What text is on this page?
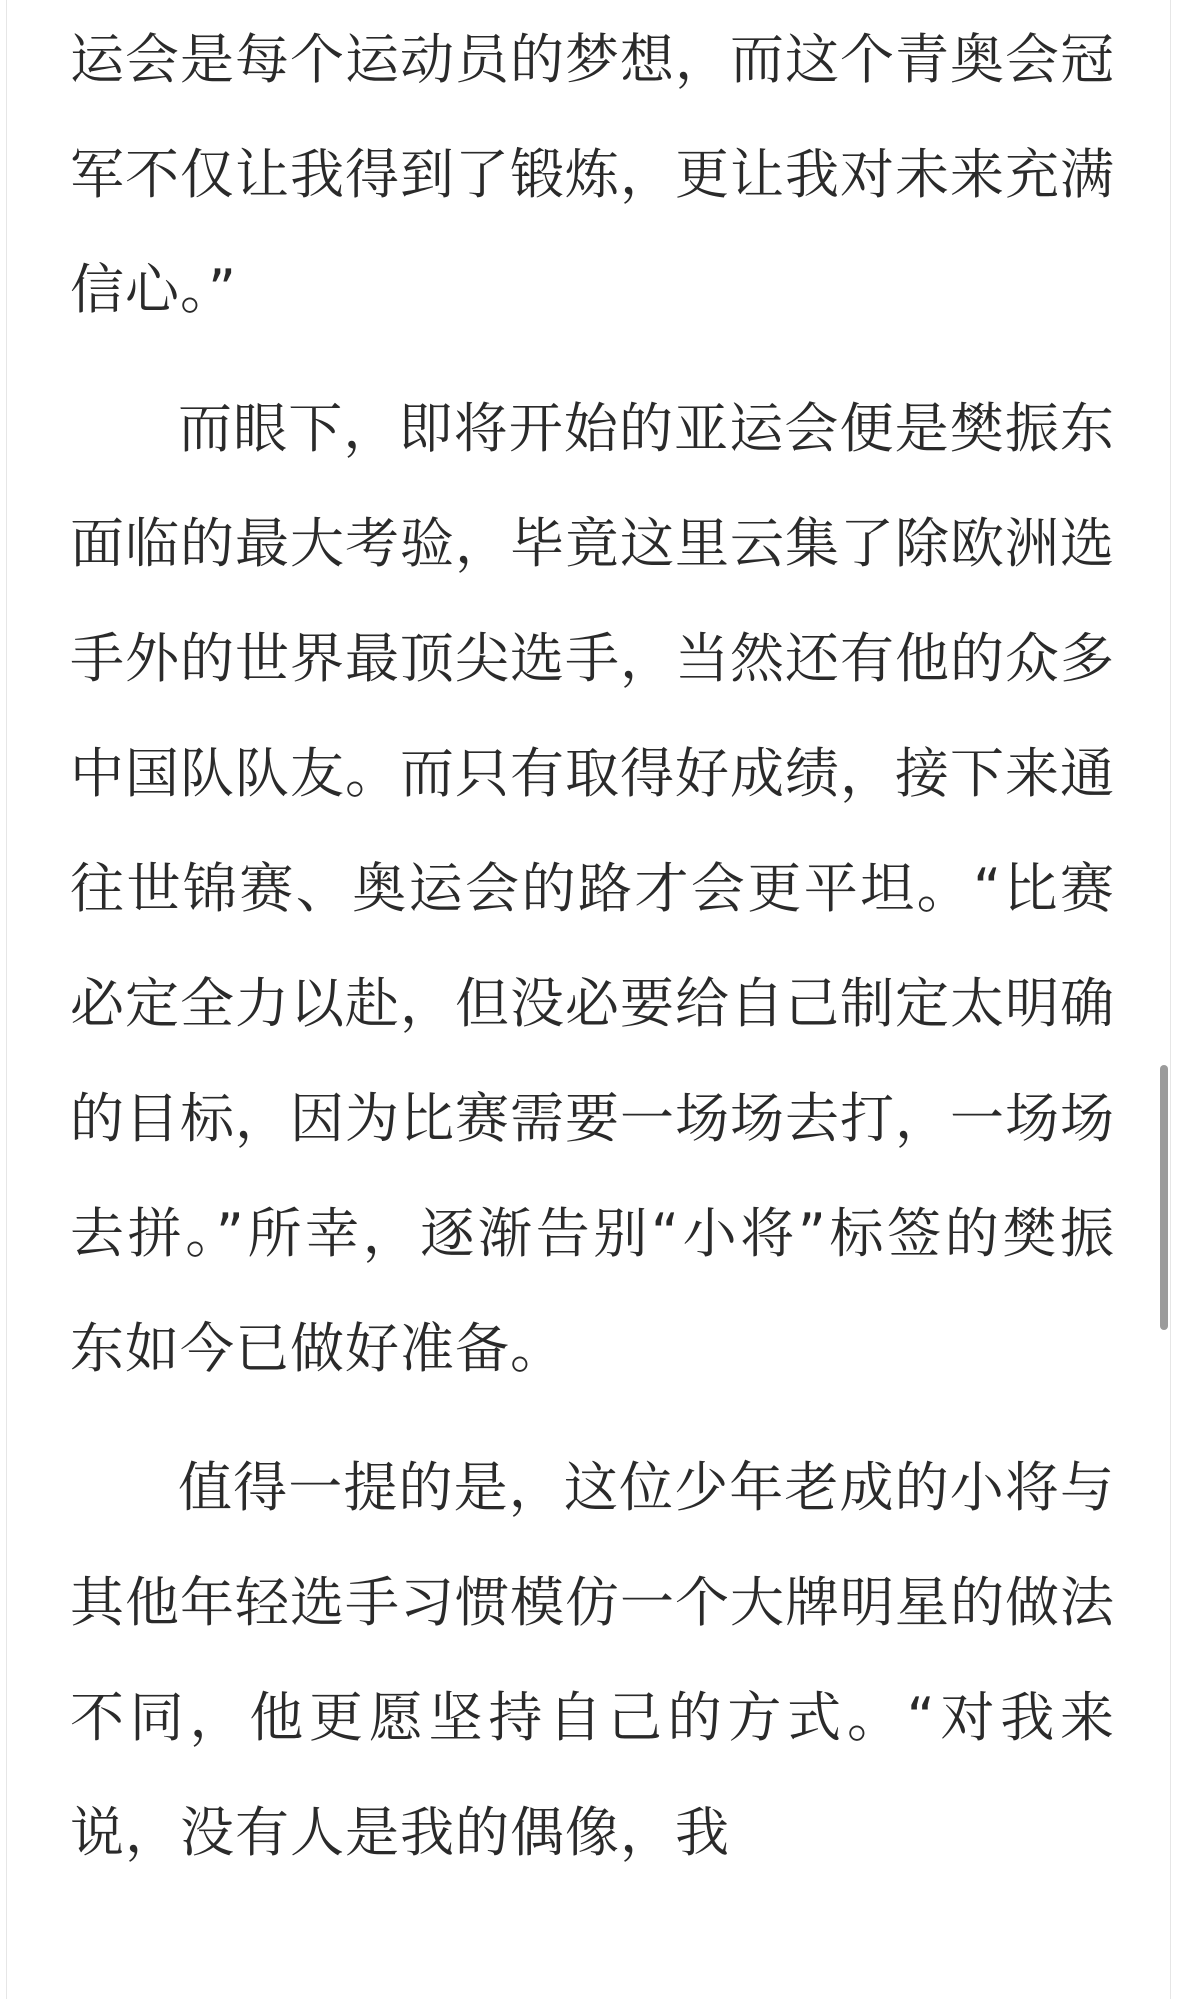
运会是每个运动员的梦想，而这个青奥会冠军不仅让我得到了锻炼，更让我对未来充满信心。”

而眼下，即将开始的亚运会便是樊振东面临的最大考验，毕竟这里云集了除欧洲选手外的世界最顶尖选手，当然还有他的众多中国队队友。而只有取得好成绩，接下来通往世锦赛、奥运会的路才会更平坦。“比赛必定全力以赴，但没必要给自己制定太明确的目标，因为比赛需要一场场去打，一场场去拼。”所幸，逐渐告别“小将”标签的樊振东如今已做好准备。

值得一提的是，这位少年老成的小将与其他年轻选手习惯模仿一个大牌明星的做法不同，他更愿坚持自己的方式。“对我来说，没有人是我的偶像，我
